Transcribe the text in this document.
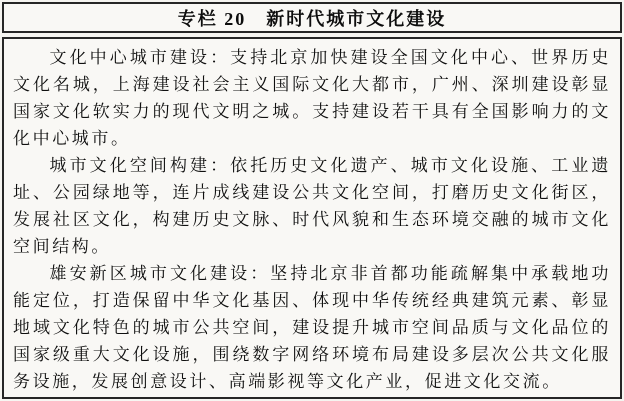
专栏 20　新时代城市文化建设

文化中心城市建设：支持北京加快建设全国文化中心、世界历史文化名城，上海建设社会主义国际文化大都市，广州、深圳建设彰显国家文化软实力的现代文明之城。支持建设若干具有全国影响力的文化中心城市。

城市文化空间构建：依托历史文化遗产、城市文化设施、工业遗址、公园绿地等，连片成线建设公共文化空间，打磨历史文化街区，发展社区文化，构建历史文脉、时代风貌和生态环境交融的城市文化空间结构。

雄安新区城市文化建设：坚持北京非首都功能疏解集中承载地功能定位，打造保留中华文化基因、体现中华传统经典建筑元素、彰显地域文化特色的城市公共空间，建设提升城市空间品质与文化品位的国家级重大文化设施，围绕数字网络环境布局建设多层次公共文化服务设施，发展创意设计、高端影视等文化产业，促进文化交流。
